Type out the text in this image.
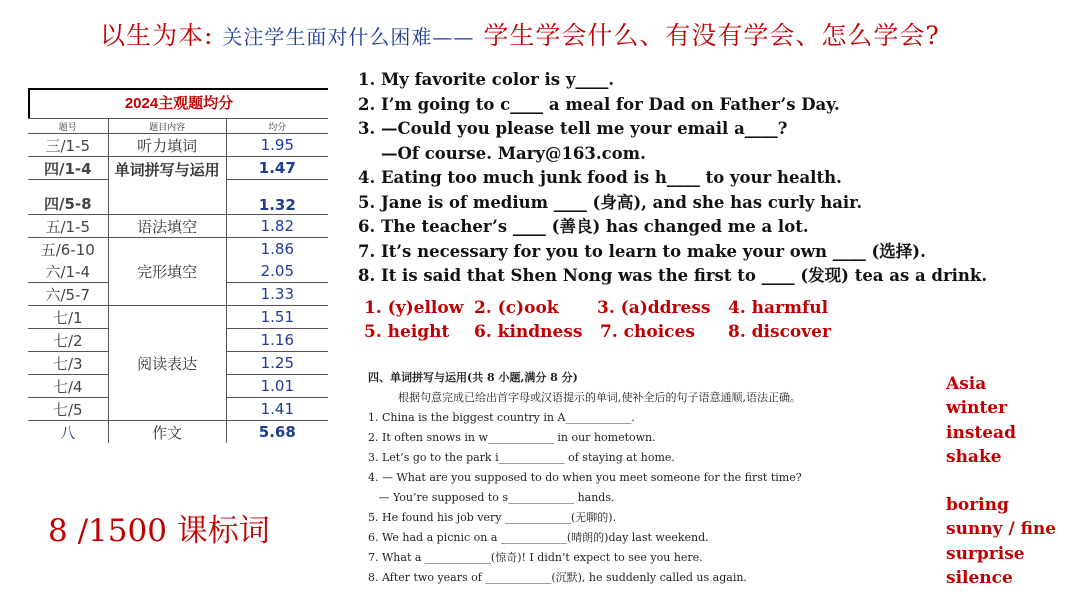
以生为本: 关注学生面对什么困难—— 学生学会什么、有没有学会、怎么学会?
2024主观题均分
题号	题目内容	均分
三/1-5	听力填词	1.95
四/1-4	单词拼写与运用	1.47
四/5-8		1.32
五/1-5	语法填空	1.82
五/6-10	完形填空	1.86
六/1-4		2.05
六/5-7		1.33
七/1	阅读表达	1.51
七/2		1.16
七/3		1.25
七/4		1.01
七/5		1.41
八	作文	5.68
8 /1500 课标词
1. My favorite color is y____.
2. I’m going to c____ a meal for Dad on Father’s Day.
3. —Could you please tell me your email a____?
—Of course. Mary@163.com.
4. Eating too much junk food is h____ to your health.
5. Jane is of medium ____ (身高), and she has curly hair.
6. The teacher’s ____ (善良) has changed me a lot.
7. It’s necessary for you to learn to make your own ____ (选择).
8. It is said that Shen Nong was the first to ____ (发现) tea as a drink.
1. (y)ellow 2. (c)ook 3. (a)ddress 4. harmful
5. height 6. kindness 7. choices 8. discover
四、单词拼写与运用(共 8 小题,满分 8 分)
根据句意完成已给出首字母或汉语提示的单词,使补全后的句子语意通顺,语法正确。
1. China is the biggest country in A____________.
2. It often snows in w____________ in our hometown.
3. Let’s go to the park i____________ of staying at home.
4. — What are you supposed to do when you meet someone for the first time?
— You’re supposed to s____________ hands.
5. He found his job very ____________(无聊的).
6. We had a picnic on a ____________(晴朗的)day last weekend.
7. What a ____________(惊奇)! I didn’t expect to see you here.
8. After two years of ____________(沉默), he suddenly called us again.
Asia
winter
instead
shake
boring
sunny / fine
surprise
silence
